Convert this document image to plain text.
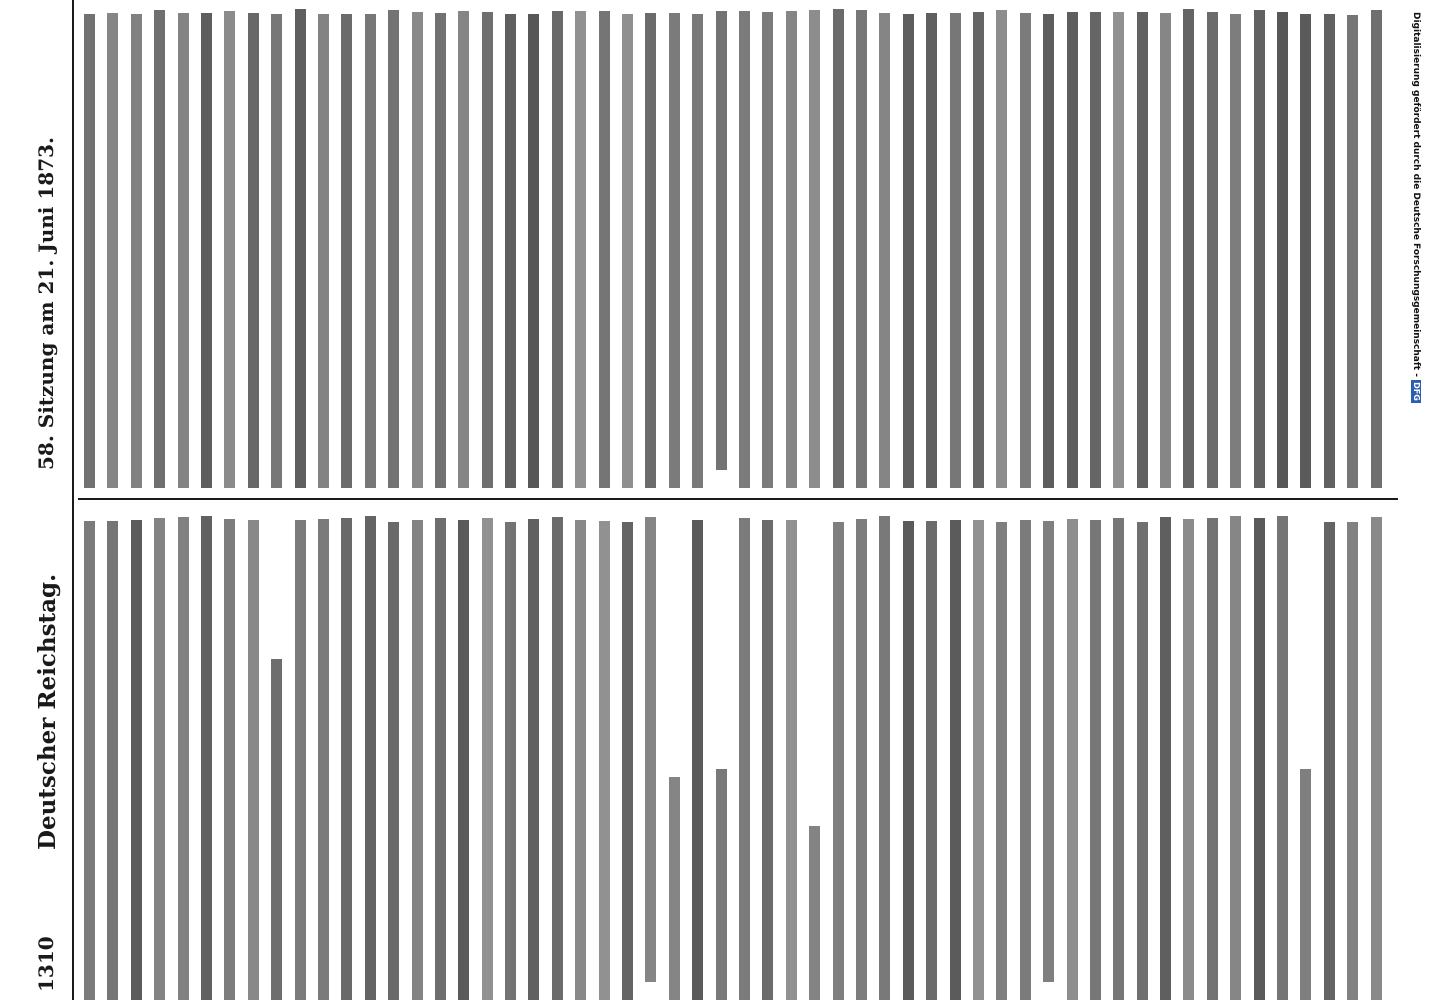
1310
Deutscher Reichstag.
58. Sitzung am 21. Juni 1873.	Digitalisierung gefördert durch die Deutsche Forschungsgemeinschaft - DFG
